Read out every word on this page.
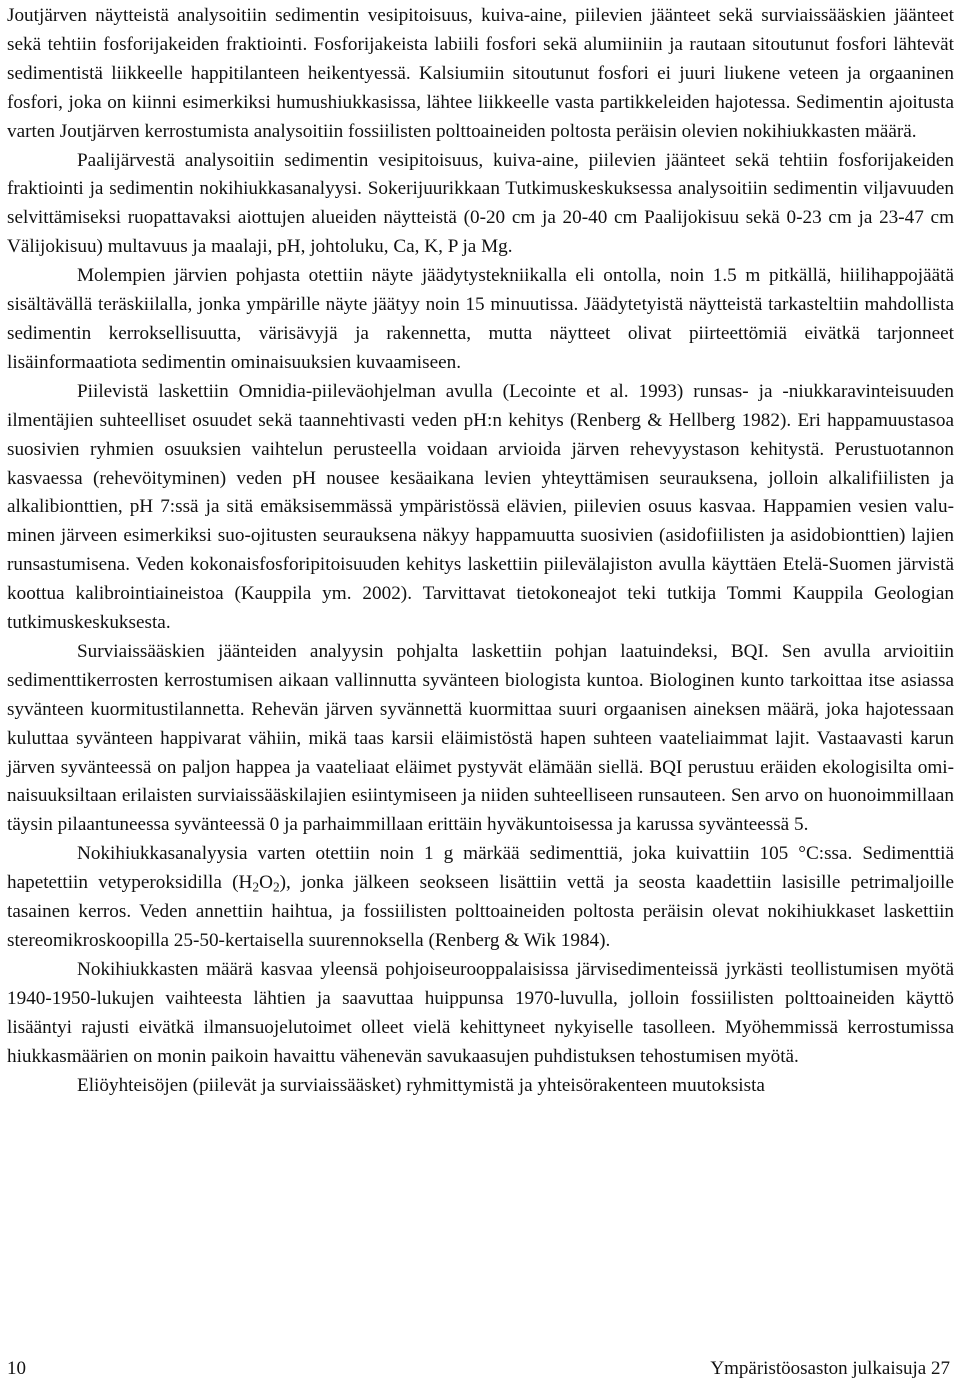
Joutjärven näytteistä analysoitiin sedimentin vesipitoisuus, kuiva-aine, piilevien jäänteet sekä surviaissääskien jäänteet sekä tehtiin fosforijakeiden fraktiointi. Fosforijakeista labiili fosfori sekä alumiiniin ja rautaan sitoutunut fosfori lähtevät sedimentistä liikkeelle happitilanteen heikentyessä. Kalsiumiin sitoutunut fosfori ei juuri liukene veteen ja orgaaninen fosfori, joka on kiinni esimerkiksi humushiukkasissa, lähtee liikkeelle vasta partikkeleiden hajotessa. Sedimentin ajoitusta varten Joutjärven kerrostumista analysoitiin fossiilisten polttoaineiden poltosta peräisin olevien nokihiukkasten määrä.

Paalijärvestä analysoitiin sedimentin vesipitoisuus, kuiva-aine, piilevien jäänteet sekä tehtiin fosforijakeiden fraktiointi ja sedimentin nokihiukkasanalyysi. Sokerijuurikkaan Tutkimuskeskuksessa analysoitiin sedimentin viljavuuden selvittämiseksi ruopattavaksi aiottujen alueiden näytteistä (0-20 cm ja 20-40 cm Paalijokisuu sekä 0-23 cm ja 23-47 cm Välijokisuu) multavuus ja maalaji, pH, johtoluku, Ca, K, P ja Mg.

Molempien järvien pohjasta otettiin näyte jäädytystekniikalla eli ontolla, noin 1.5 m pitkällä, hiilihappojäätä sisältävällä teräskiilalla, jonka ympärille näyte jäätyy noin 15 minuutissa. Jäädytetyistä näytteistä tarkasteltiin mahdollista sedimentin kerroksellisuutta, värisävyjä ja rakennetta, mutta näytteet olivat piirteettömiä eivätkä tarjonneet lisäinformaatiota sedimentin ominaisuuksien kuvaamiseen.

Piilevistä laskettiin Omnidia-piileväohjelman avulla (Lecointe et al. 1993) runsas- ja -niukkaravinteisuuden ilmentäjien suhteelliset osuudet sekä taannehtivasti veden pH:n kehitys (Renberg & Hellberg 1982). Eri happamuustasoa suosivien ryhmien osuuksien vaihtelun perusteella voidaan arvioida järven rehevyystason kehitystä. Perustuotannon kasvaessa (rehevöityminen) veden pH nousee kesäaikana levien yhteyttämisen seurauksena, jolloin alkalifiilisten ja alkalibionttien, pH 7:ssä ja sitä emäksisemmässä ympäristössä elävien, piilevien osuus kasvaa. Happamien vesien valuminen järveen esimerkiksi suo-ojitusten seurauksena näkyy happamuutta suosivien (asidofiilisten ja asidobionttien) lajien runsastumisena. Veden kokonaisfosforipitoisuuden kehitys laskettiin piilevälajiston avulla käyttäen Etelä-Suomen järvistä koottua kalibrointiaineistoa (Kauppila ym. 2002). Tarvittavat tietokoneajot teki tutkija Tommi Kauppila Geologian tutkimuskeskuksesta.

Surviaissääskien jäänteiden analyysin pohjalta laskettiin pohjan laatuindeksi, BQI. Sen avulla arvioitiin sedimenttikerrosten kerrostumisen aikaan vallinnutta syvänteen biologista kuntoa. Biologinen kunto tarkoittaa itse asiassa syvänteen kuormitustilannetta. Rehevän järven syvännettä kuormittaa suuri orgaanisen aineksen määrä, joka hajotessaan kuluttaa syvänteen happivarat vähiin, mikä taas karsii eläimistöstä hapen suhteen vaateliaimmat lajit. Vastaavasti karun järven syvänteessä on paljon happea ja vaateliaat eläimet pystyvät elämään siellä. BQI perustuu eräiden ekologisilta ominaisuuksiltaan erilaisten surviaissääskilajien esiintymiseen ja niiden suhteelliseen runsauteen. Sen arvo on huonoimmillaan täysin pilaantuneessa syvänteessä 0 ja parhaimmillaan erittäin hyväkuntoisessa ja karussa syvänteessä 5.

Nokihiukkasanalyysia varten otettiin noin 1 g märkää sedimenttiä, joka kuivattiin 105 °C:ssa. Sedimenttiä hapetettiin vetyperoksidilla $(H_2O_2)$, jonka jälkeen seokseen lisättiin vettä ja seosta kaadettiin lasisille petrimaljoille tasainen kerros. Veden annettiin haihtua, ja fossiilisten polttoaineiden poltosta peräisin olevat nokihiukkaset laskettiin stereomikroskoopilla 25-50-kertaisella suurennoksella (Renberg & Wik 1984).

Nokihiukkasten määrä kasvaa yleensä pohjoiseurooppalaisissa järvisedimenteissä jyrkästi teollistumisen myötä 1940-1950-lukujen vaihteesta lähtien ja saavuttaa huippunsa 1970-luvulla, jolloin fossiilisten polttoaineiden käyttö lisääntyi rajusti eivätkä ilmansuojelutoimet olleet vielä kehittyneet nykyiselle tasolleen. Myöhemmissä kerrostumissa hiukkasmäärien on monin paikoin havaittu vähenevän savukaasujen puhdistuksen tehostumisen myötä.

Eliöyhteisöjen (piilevät ja surviaissääsket) ryhmittymistä ja yhteisörakenteen muutoksista

10	Ympäristöosaston julkaisuja 27
